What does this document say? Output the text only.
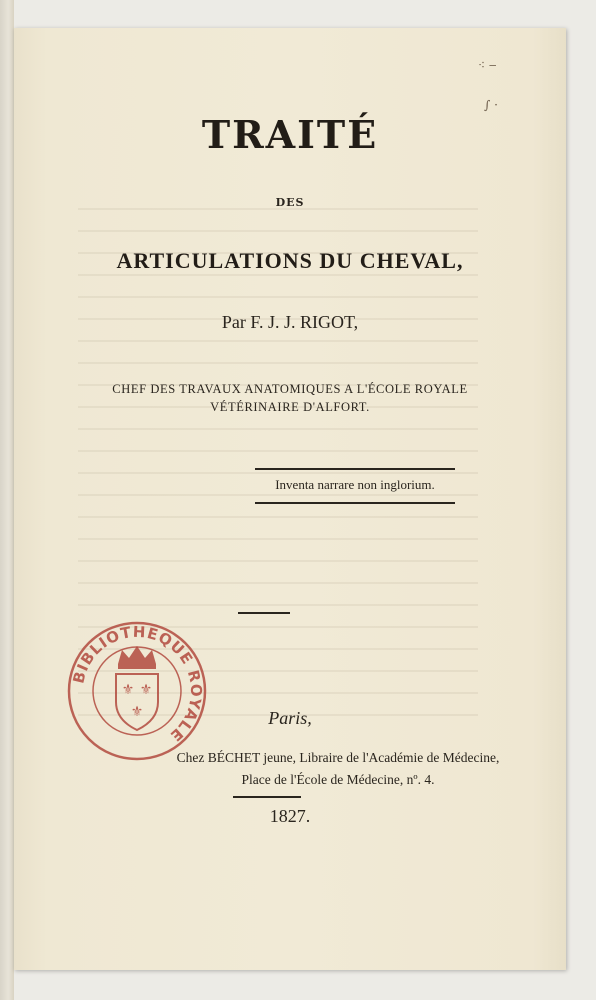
⁖ ‒
∫ ·
TRAITÉ
DES
ARTICULATIONS DU CHEVAL,
Par F. J. J. RIGOT,
CHEF DES TRAVAUX ANATOMIQUES A L'ÉCOLE ROYALE
VÉTÉRINAIRE D'ALFORT.
Inventa narrare non inglorium.
Paris,
Chez BÉCHET jeune, Libraire de l'Académie de Médecine,
Place de l'École de Médecine, nº. 4.
1827.
BIBLIOTHEQUE ROYALE
⚜ ⚜
⚜
